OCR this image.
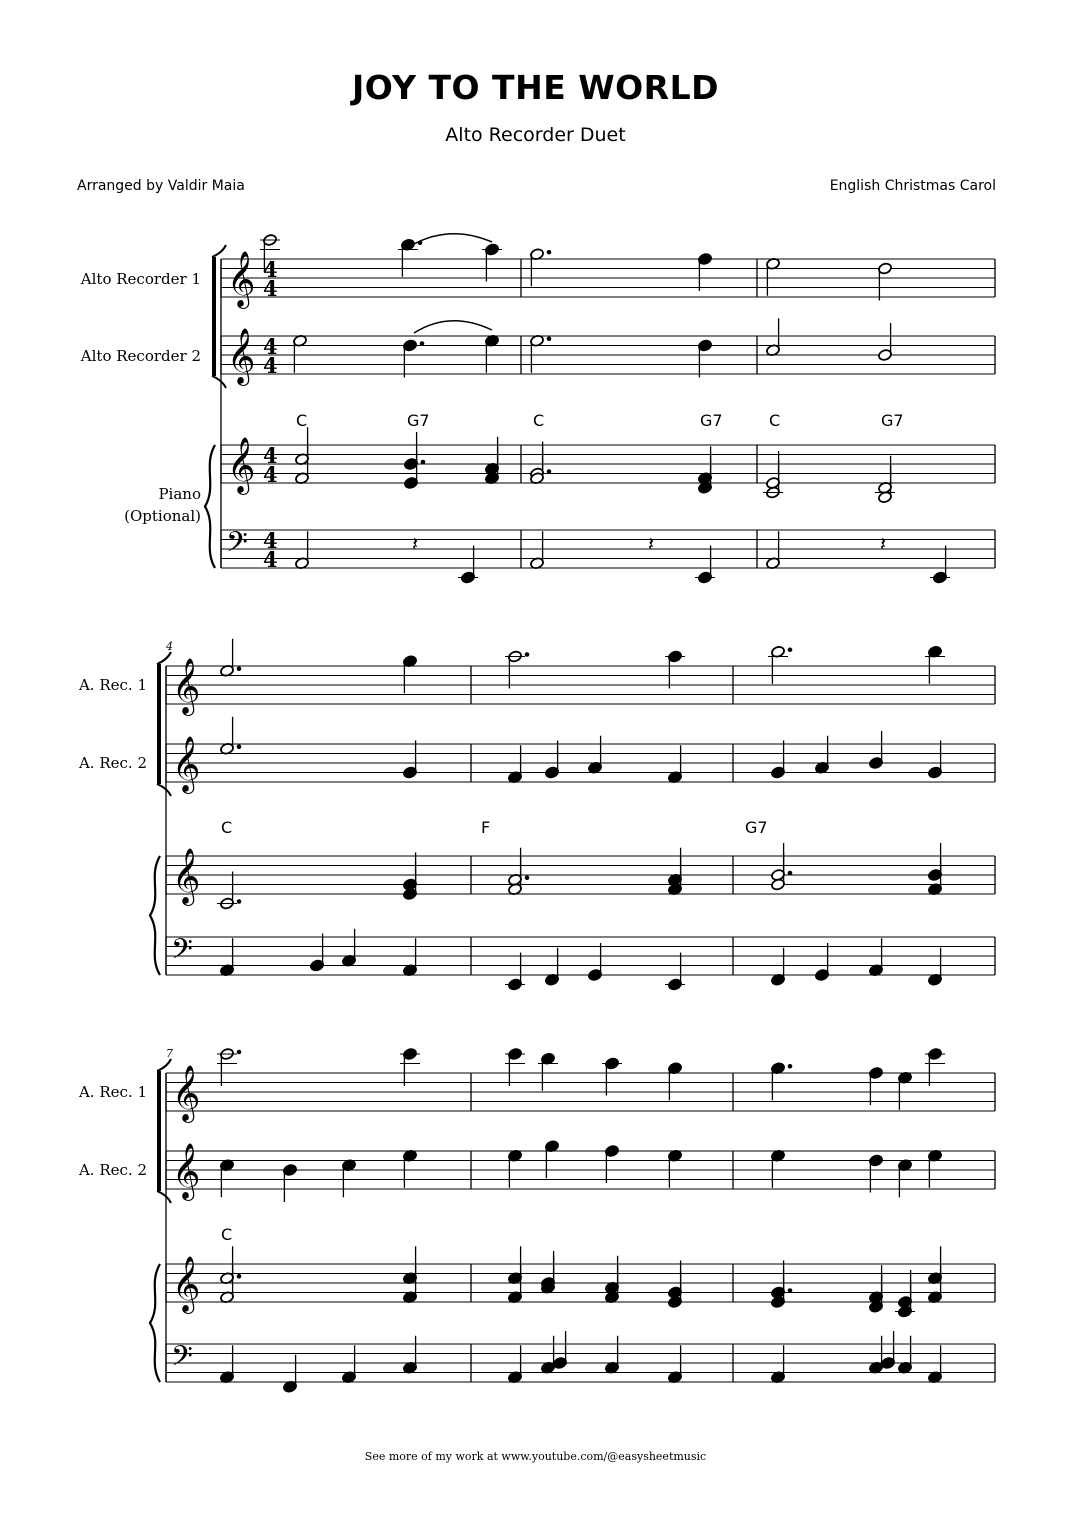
JOY TO THE WORLD
Alto Recorder Duet
Arranged by Valdir Maia	English Christmas Carol
Alto Recorder 1
Alto Recorder 2
Piano
(Optional)
A. Rec. 1
A. Rec. 2
A. Rec. 1
A. Rec. 2
C	G7	C	G7	C	G7
C	F	G7
C
4
7
𝄞 4
4
𝄞 4
4
𝄞 4
4
𝄢 4
4
𝄞
𝄞
𝄞
𝄢
𝄞
𝄞
𝄞
𝄢
𝄽	𝄽	𝄽
See more of my work at www.youtube.com/@easysheetmusic
